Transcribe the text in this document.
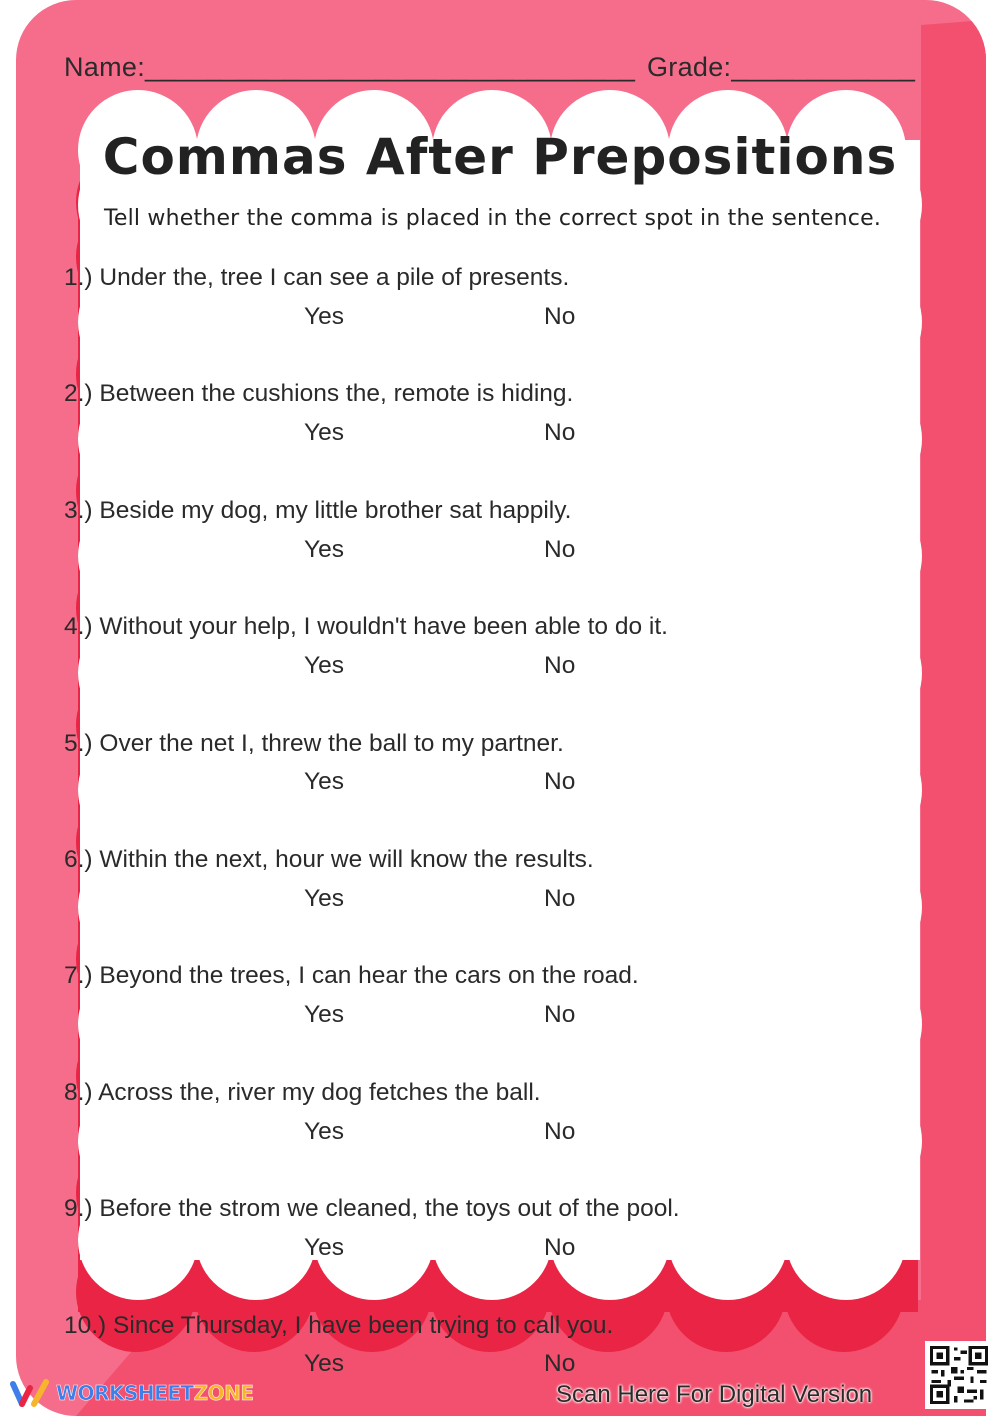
Name:________________________________ Grade:____________
Commas After Prepositions
Tell whether the comma is placed in the correct spot in the sentence.
1.) Under the, tree I can see a pile of presents.
Yes	No
2.) Between the cushions the, remote is hiding.
Yes	No
3.) Beside my dog, my little brother sat happily.
Yes	No
4.) Without your help, I wouldn't have been able to do it.
Yes	No
5.) Over the net I, threw the ball to my partner.
Yes	No
6.) Within the next, hour we will know the results.
Yes	No
7.) Beyond the trees, I can hear the cars on the road.
Yes	No
8.) Across the, river my dog fetches the ball.
Yes	No
9.) Before the strom we cleaned, the toys out of the pool.
Yes	No
10.) Since Thursday, I have been trying to call you.
Yes	No
WORKSHEETZONE	Scan Here For Digital Version
